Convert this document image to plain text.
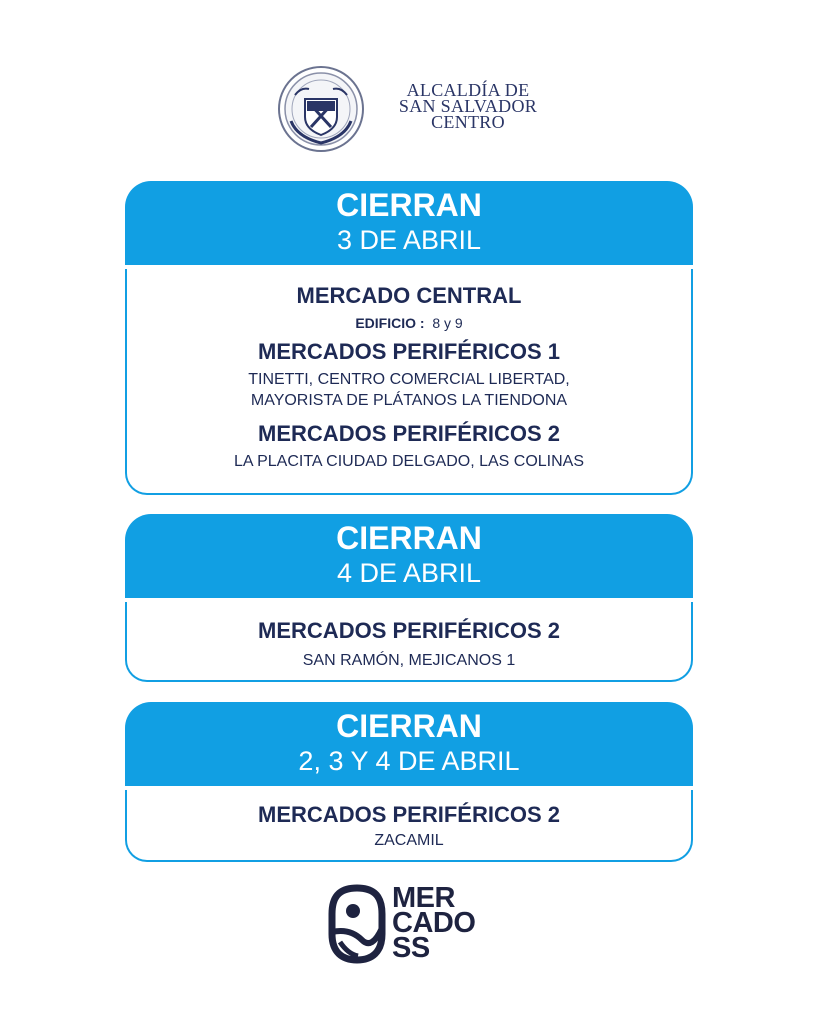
ALCALDÍA DE
SAN SALVADOR
CENTRO
CIERRAN
3 DE ABRIL
MERCADO CENTRAL
EDIFICIO : 8 y 9
MERCADOS PERIFÉRICOS 1
TINETTI, CENTRO COMERCIAL LIBERTAD,
MAYORISTA DE PLÁTANOS LA TIENDONA
MERCADOS PERIFÉRICOS 2
LA PLACITA CIUDAD DELGADO, LAS COLINAS
CIERRAN
4 DE ABRIL
MERCADOS PERIFÉRICOS 2
SAN RAMÓN, MEJICANOS 1
CIERRAN
2, 3 Y 4 DE ABRIL
MERCADOS PERIFÉRICOS 2
ZACAMIL
MER
CADO
SS
